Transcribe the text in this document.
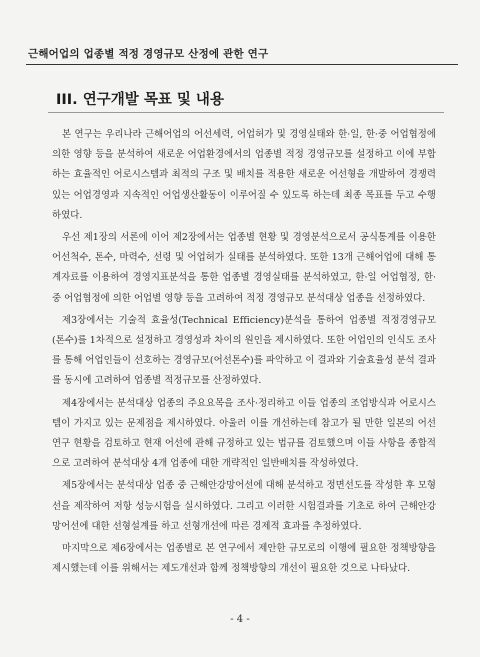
근해어업의 업종별 적정 경영규모 산정에 관한 연구
III. 연구개발 목표 및 내용

본 연구는 우리나라 근해어업의 어선세력, 어업허가 및 경영실태와 한·일, 한·중 어업협정에 의한 영향 등을 분석하여 새로운 어업환경에서의 업종별 적정 경영규모를 설정하고 이에 부합하는 효율적인 어로시스템과 최적의 구조 및 배치를 적용한 새로운 어선형을 개발하여 경쟁력 있는 어업경영과 지속적인 어업생산활동이 이루어질 수 있도록 하는데 최종 목표를 두고 수행하였다.

우선 제1장의 서론에 이어 제2장에서는 업종별 현황 및 경영분석으로서 공식통계를 이용한 어선척수, 톤수, 마력수, 선령 및 어업허가 실태를 분석하였다. 또한 13개 근해어업에 대해 통계자료를 이용하여 경영지표분석을 통한 업종별 경영실태를 분석하였고, 한·일 어업협정, 한·중 어업협정에 의한 어업별 영향 등을 고려하여 적정 경영규모 분석대상 업종을 선정하였다.

제3장에서는 기술적 효율성(Technical Efficiency)분석을 통하여 업종별 적정경영규모(톤수)를 1차적으로 설정하고 경영성과 차이의 원인을 제시하였다. 또한 어업인의 인식도 조사를 통해 어업인들이 선호하는 경영규모(어선톤수)를 파악하고 이 결과와 기술효율성 분석 결과를 동시에 고려하여 업종별 적정규모를 산정하였다.

제4장에서는 분석대상 업종의 주요요목을 조사·정리하고 이들 업종의 조업방식과 어로시스템이 가지고 있는 문제점을 제시하였다. 아울러 이를 개선하는데 참고가 될 만한 일본의 어선연구 현황을 검토하고 현재 어선에 관해 규정하고 있는 법규를 검토했으며 이들 사항을 종합적으로 고려하여 분석대상 4개 업종에 대한 개략적인 일반배치를 작성하였다.

제5장에서는 분석대상 업종 중 근해안강망어선에 대해 분석하고 정면선도를 작성한 후 모형선을 제작하여 저항 성능시험을 실시하였다. 그리고 이러한 시험결과를 기초로 하여 근해안강망어선에 대한 선형설계를 하고 선형개선에 따른 경제적 효과를 추정하였다.

마지막으로 제6장에서는 업종별로 본 연구에서 제안한 규모로의 이행에 필요한 정책방향을 제시했는데 이를 위해서는 제도개선과 함께 정책방향의 개선이 필요한 것으로 나타났다.

- 4 -
